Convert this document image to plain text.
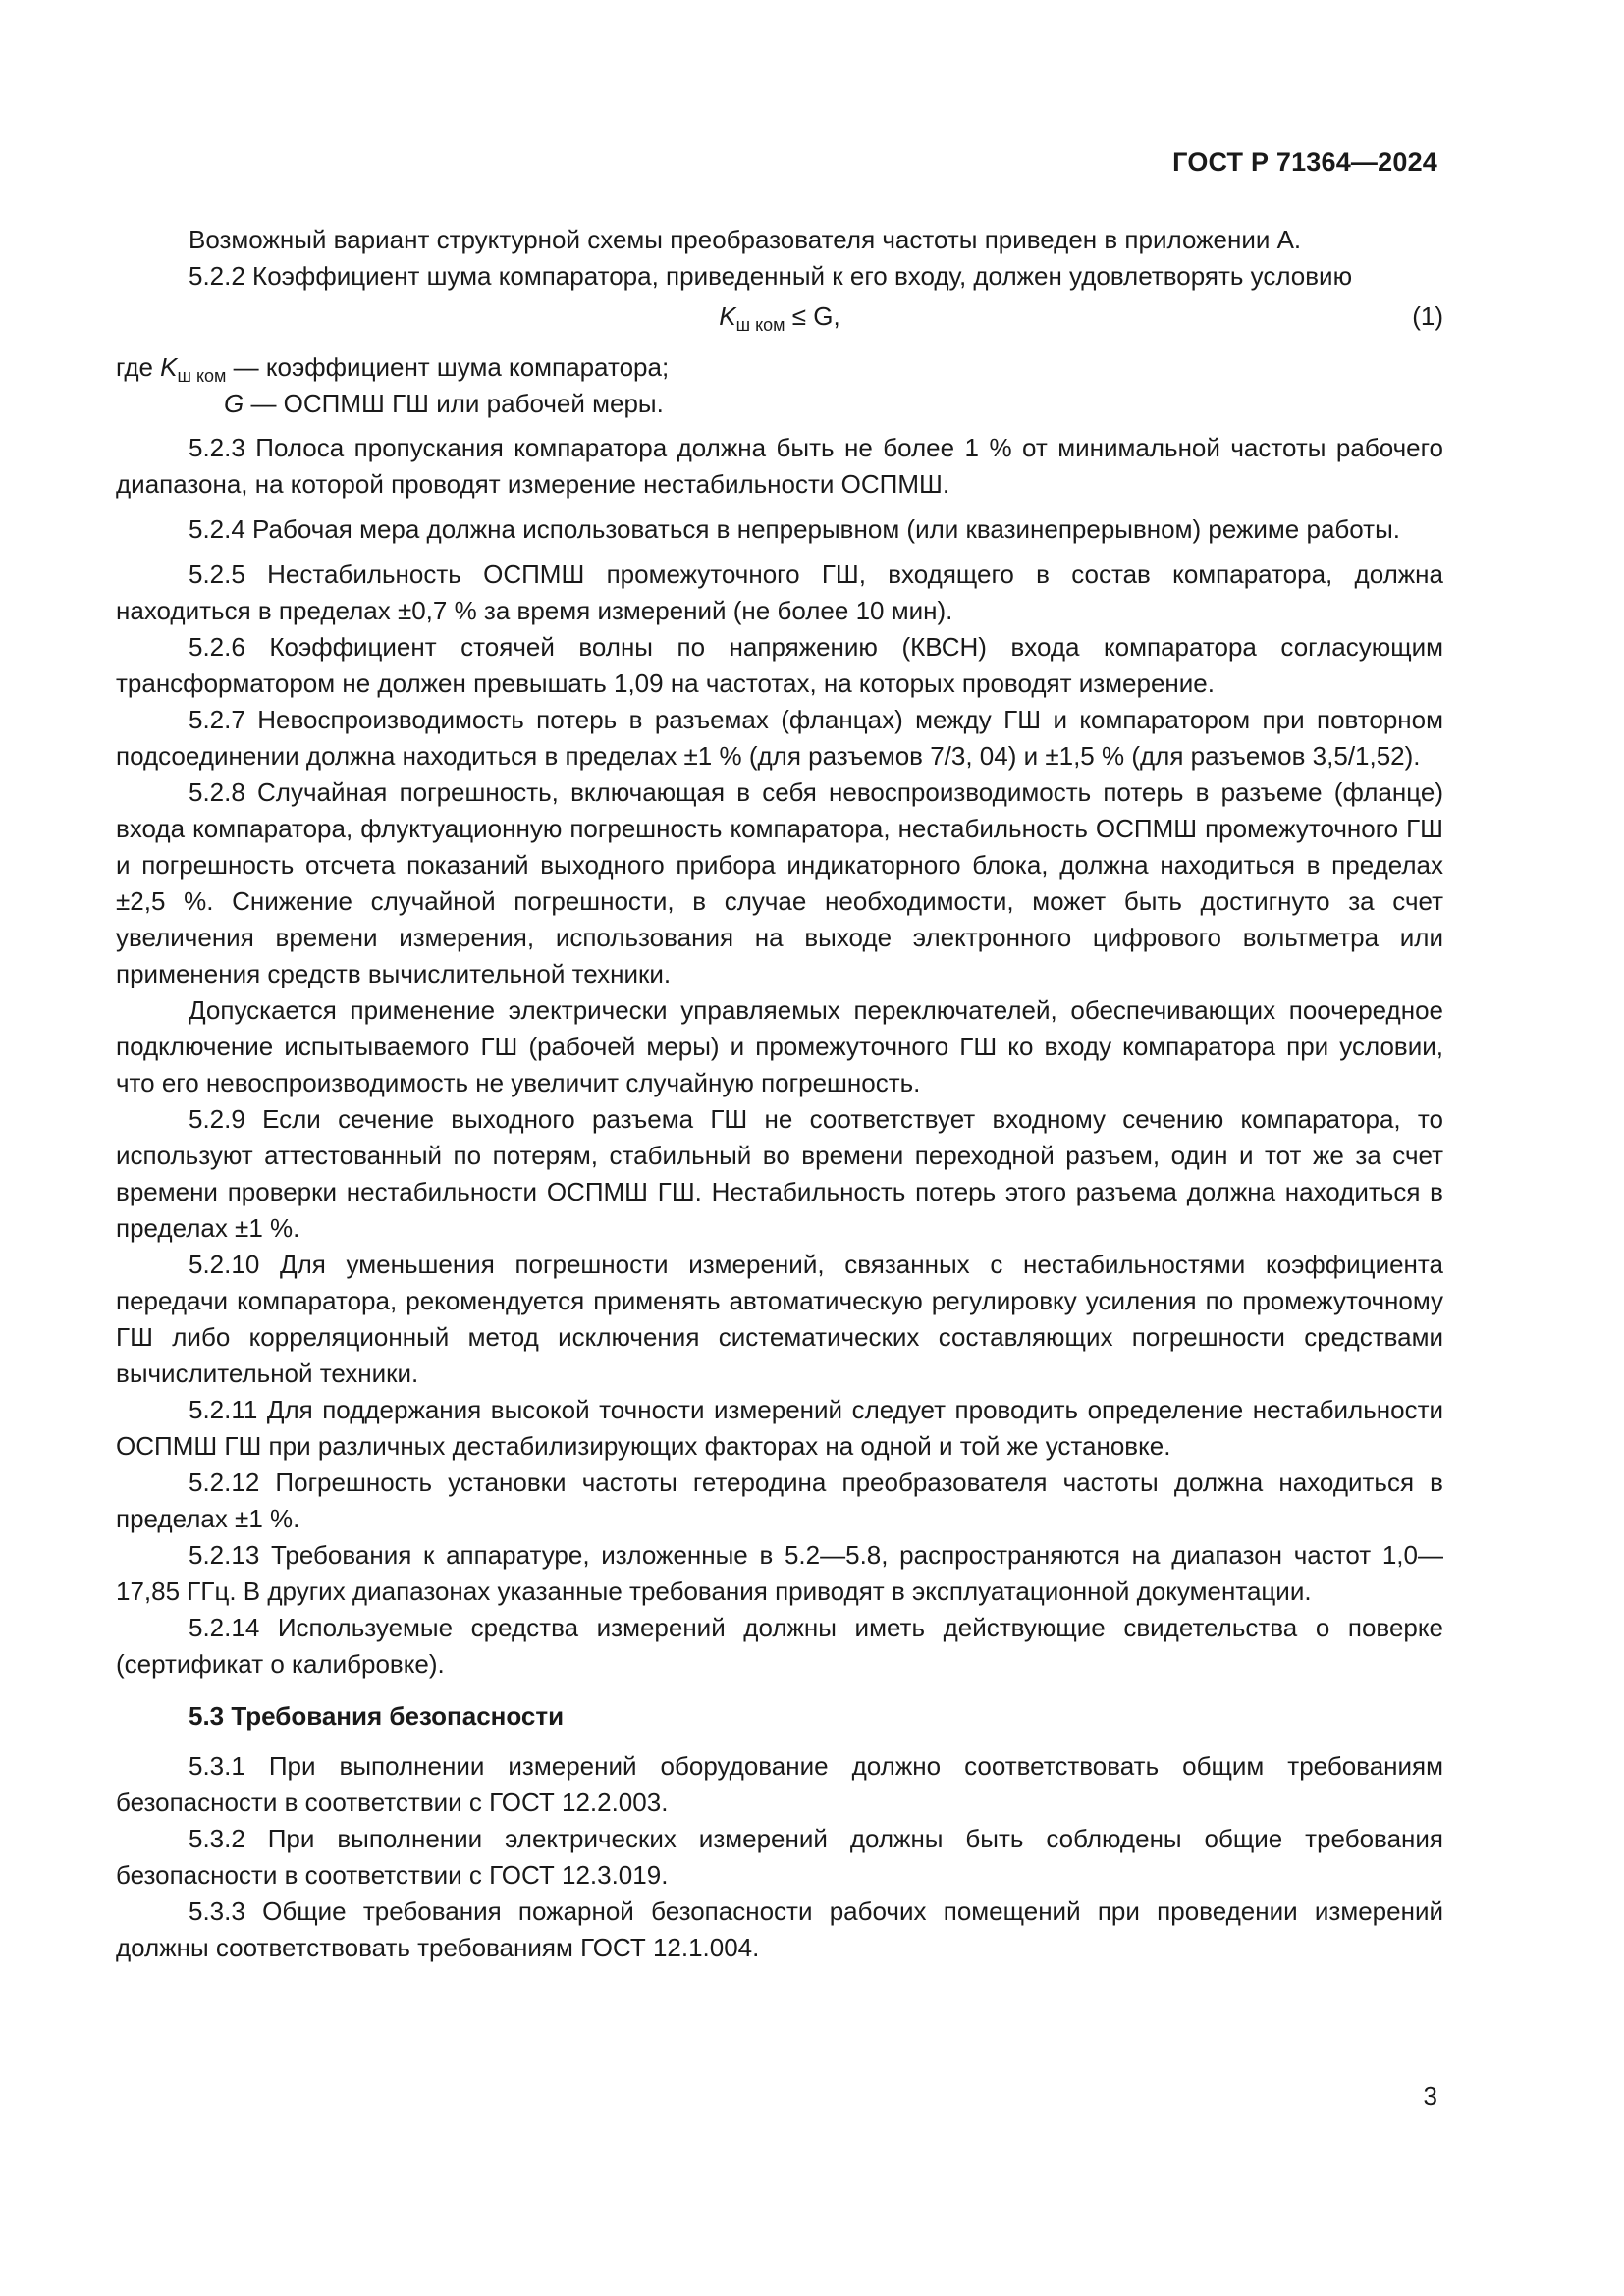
ГОСТ Р 71364—2024

Возможный вариант структурной схемы преобразователя частоты приведен в приложении А.

5.2.2 Коэффициент шума компаратора, приведенный к его входу, должен удовлетворять условию

$K_{ш ком} \le G$,	(1)

где $K_{ш ком}$ — коэффициент шума компаратора;

G — ОСПМШ ГШ или рабочей меры.

5.2.3 Полоса пропускания компаратора должна быть не более 1 % от минимальной частоты рабочего диапазона, на которой проводят измерение нестабильности ОСПМШ.

5.2.4 Рабочая мера должна использоваться в непрерывном (или квазинепрерывном) режиме работы.

5.2.5 Нестабильность ОСПМШ промежуточного ГШ, входящего в состав компаратора, должна находиться в пределах ±0,7 % за время измерений (не более 10 мин).

5.2.6 Коэффициент стоячей волны по напряжению (КВСН) входа компаратора согласующим трансформатором не должен превышать 1,09 на частотах, на которых проводят измерение.

5.2.7 Невоспроизводимость потерь в разъемах (фланцах) между ГШ и компаратором при повторном подсоединении должна находиться в пределах ±1 % (для разъемов 7/3, 04) и ±1,5 % (для разъемов 3,5/1,52).

5.2.8 Случайная погрешность, включающая в себя невоспроизводимость потерь в разъеме (фланце) входа компаратора, флуктуационную погрешность компаратора, нестабильность ОСПМШ промежуточного ГШ и погрешность отсчета показаний выходного прибора индикаторного блока, должна находиться в пределах ±2,5 %. Снижение случайной погрешности, в случае необходимости, может быть достигнуто за счет увеличения времени измерения, использования на выходе электронного цифрового вольтметра или применения средств вычислительной техники.

Допускается применение электрически управляемых переключателей, обеспечивающих поочередное подключение испытываемого ГШ (рабочей меры) и промежуточного ГШ ко входу компаратора при условии, что его невоспроизводимость не увеличит случайную погрешность.

5.2.9 Если сечение выходного разъема ГШ не соответствует входному сечению компаратора, то используют аттестованный по потерям, стабильный во времени переходной разъем, один и тот же за счет времени проверки нестабильности ОСПМШ ГШ. Нестабильность потерь этого разъема должна находиться в пределах ±1 %.

5.2.10 Для уменьшения погрешности измерений, связанных с нестабильностями коэффициента передачи компаратора, рекомендуется применять автоматическую регулировку усиления по промежуточному ГШ либо корреляционный метод исключения систематических составляющих погрешности средствами вычислительной техники.

5.2.11 Для поддержания высокой точности измерений следует проводить определение нестабильности ОСПМШ ГШ при различных дестабилизирующих факторах на одной и той же установке.

5.2.12 Погрешность установки частоты гетеродина преобразователя частоты должна находиться в пределах ±1 %.

5.2.13 Требования к аппаратуре, изложенные в 5.2—5.8, распространяются на диапазон частот 1,0—17,85 ГГц. В других диапазонах указанные требования приводят в эксплуатационной документации.

5.2.14 Используемые средства измерений должны иметь действующие свидетельства о поверке (сертификат о калибровке).

5.3 Требования безопасности

5.3.1 При выполнении измерений оборудование должно соответствовать общим требованиям безопасности в соответствии с ГОСТ 12.2.003.

5.3.2 При выполнении электрических измерений должны быть соблюдены общие требования безопасности в соответствии с ГОСТ 12.3.019.

5.3.3 Общие требования пожарной безопасности рабочих помещений при проведении измерений должны соответствовать требованиям ГОСТ 12.1.004.

3
